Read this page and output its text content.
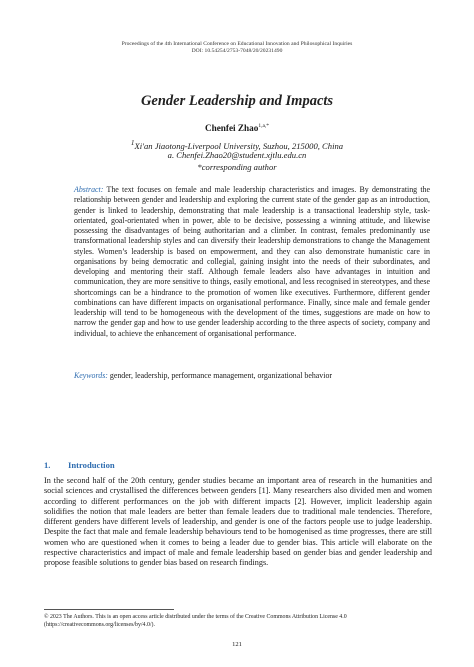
Proceedings of the 4th International Conference on Educational Innovation and Philosophical Inquiries
DOI: 10.54254/2753-7048/20/20231490
Gender Leadership and Impacts
Chenfei Zhao$^{1,a,*}$
$^1$Xi'an Jiaotong-Liverpool University, Suzhou, 215000, China
a. Chenfei.Zhao20@student.xjtlu.edu.cn
*corresponding author
Abstract: The text focuses on female and male leadership characteristics and images. By demonstrating the relationship between gender and leadership and exploring the current state of the gender gap as an introduction, gender is linked to leadership, demonstrating that male leadership is a transactional leadership style, task-orientated, goal-orientated when in power, able to be decisive, possessing a winning attitude, and likewise possessing the disadvantages of being authoritarian and a climber. In contrast, females predominantly use transformational leadership styles and can diversify their leadership demonstrations to change the Management styles. Women’s leadership is based on empowerment, and they can also demonstrate humanistic care in organisations by being democratic and collegial, gaining insight into the needs of their subordinates, and developing and mentoring their staff. Although female leaders also have advantages in intuition and communication, they are more sensitive to things, easily emotional, and less recognised in stereotypes, and these shortcomings can be a hindrance to the promotion of women like executives. Furthermore, different gender combinations can have different impacts on organisational performance. Finally, since male and female gender leadership will tend to be homogeneous with the development of the times, suggestions are made on how to narrow the gender gap and how to use gender leadership according to the three aspects of society, company and individual, to achieve the enhancement of organisational performance.
Keywords: gender, leadership, performance management, organizational behavior
1. Introduction
In the second half of the 20th century, gender studies became an important area of research in the humanities and social sciences and crystallised the differences between genders [1]. Many researchers also divided men and women according to different performances on the job with different impacts [2]. However, implicit leadership again solidifies the notion that male leaders are better than female leaders due to traditional male tendencies. Therefore, different genders have different levels of leadership, and gender is one of the factors people use to judge leadership. Despite the fact that male and female leadership behaviours tend to be homogenised as time progresses, there are still women who are questioned when it comes to being a leader due to gender bias. This article will elaborate on the respective characteristics and impact of male and female leadership based on gender bias and gender leadership and propose feasible solutions to gender bias based on research findings.
© 2023 The Authors. This is an open access article distributed under the terms of the Creative Commons Attribution License 4.0 (https://creativecommons.org/licenses/by/4.0/).
121
